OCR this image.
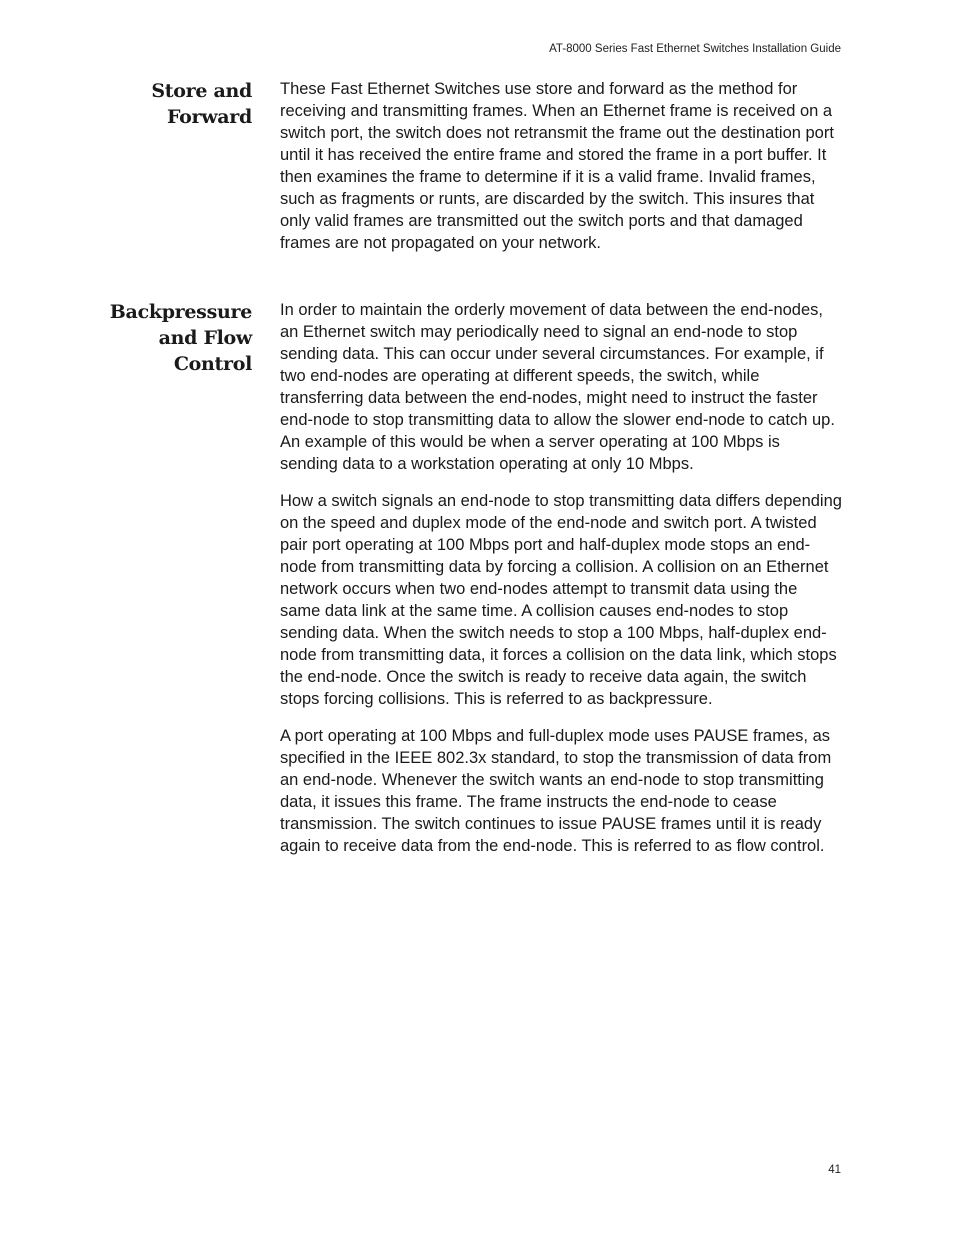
AT-8000 Series Fast Ethernet Switches Installation Guide
Store and
Forward

These Fast Ethernet Switches use store and forward as the method for receiving and transmitting frames. When an Ethernet frame is received on a switch port, the switch does not retransmit the frame out the destination port until it has received the entire frame and stored the frame in a port buffer. It then examines the frame to determine if it is a valid frame. Invalid frames, such as fragments or runts, are discarded by the switch. This insures that only valid frames are transmitted out the switch ports and that damaged frames are not propagated on your network.

Backpressure
and Flow
Control

In order to maintain the orderly movement of data between the end-nodes, an Ethernet switch may periodically need to signal an end-node to stop sending data. This can occur under several circumstances. For example, if two end-nodes are operating at different speeds, the switch, while transferring data between the end-nodes, might need to instruct the faster end-node to stop transmitting data to allow the slower end-node to catch up. An example of this would be when a server operating at 100 Mbps is sending data to a workstation operating at only 10 Mbps.

How a switch signals an end-node to stop transmitting data differs depending on the speed and duplex mode of the end-node and switch port. A twisted pair port operating at 100 Mbps port and half-duplex mode stops an end-node from transmitting data by forcing a collision. A collision on an Ethernet network occurs when two end-nodes attempt to transmit data using the same data link at the same time. A collision causes end-nodes to stop sending data. When the switch needs to stop a 100 Mbps, half-duplex end-node from transmitting data, it forces a collision on the data link, which stops the end-node. Once the switch is ready to receive data again, the switch stops forcing collisions. This is referred to as backpressure.

A port operating at 100 Mbps and full-duplex mode uses PAUSE frames, as specified in the IEEE 802.3x standard, to stop the transmission of data from an end-node. Whenever the switch wants an end-node to stop transmitting data, it issues this frame. The frame instructs the end-node to cease transmission. The switch continues to issue PAUSE frames until it is ready again to receive data from the end-node. This is referred to as flow control.

41
